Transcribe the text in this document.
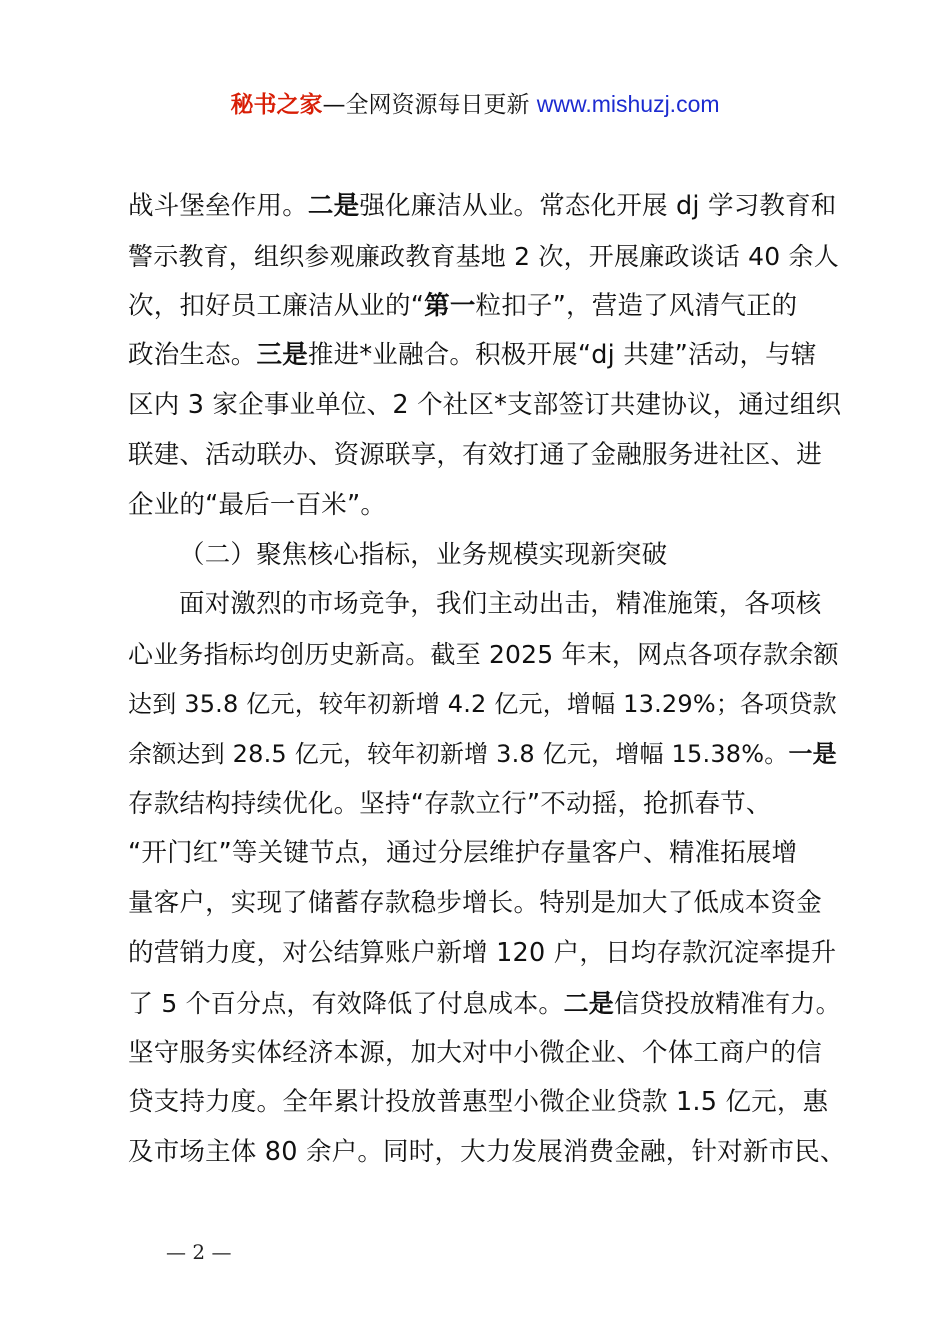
秘书之家—全网资源每日更新 www.mishuzj.com
战斗堡垒作用。二是强化廉洁从业。常态化开展 dj 学习教育和
警示教育，组织参观廉政教育基地 2 次，开展廉政谈话 40 余人
次，扣好员工廉洁从业的“第一粒扣子”，营造了风清气正的
政治生态。三是推进*业融合。积极开展“dj 共建”活动，与辖
区内 3 家企事业单位、2 个社区*支部签订共建协议，通过组织
联建、活动联办、资源联享，有效打通了金融服务进社区、进
企业的“最后一百米”。
（二）聚焦核心指标，业务规模实现新突破
面对激烈的市场竞争，我们主动出击，精准施策，各项核
心业务指标均创历史新高。截至 2025 年末，网点各项存款余额
达到 35.8 亿元，较年初新增 4.2 亿元，增幅 13.29%；各项贷款
余额达到 28.5 亿元，较年初新增 3.8 亿元，增幅 15.38%。一是
存款结构持续优化。坚持“存款立行”不动摇，抢抓春节、
“开门红”等关键节点，通过分层维护存量客户、精准拓展增
量客户，实现了储蓄存款稳步增长。特别是加大了低成本资金
的营销力度，对公结算账户新增 120 户，日均存款沉淀率提升
了 5 个百分点，有效降低了付息成本。二是信贷投放精准有力。
坚守服务实体经济本源，加大对中小微企业、个体工商户的信
贷支持力度。全年累计投放普惠型小微企业贷款 1.5 亿元，惠
及市场主体 80 余户。同时，大力发展消费金融，针对新市民、
— 2 —
